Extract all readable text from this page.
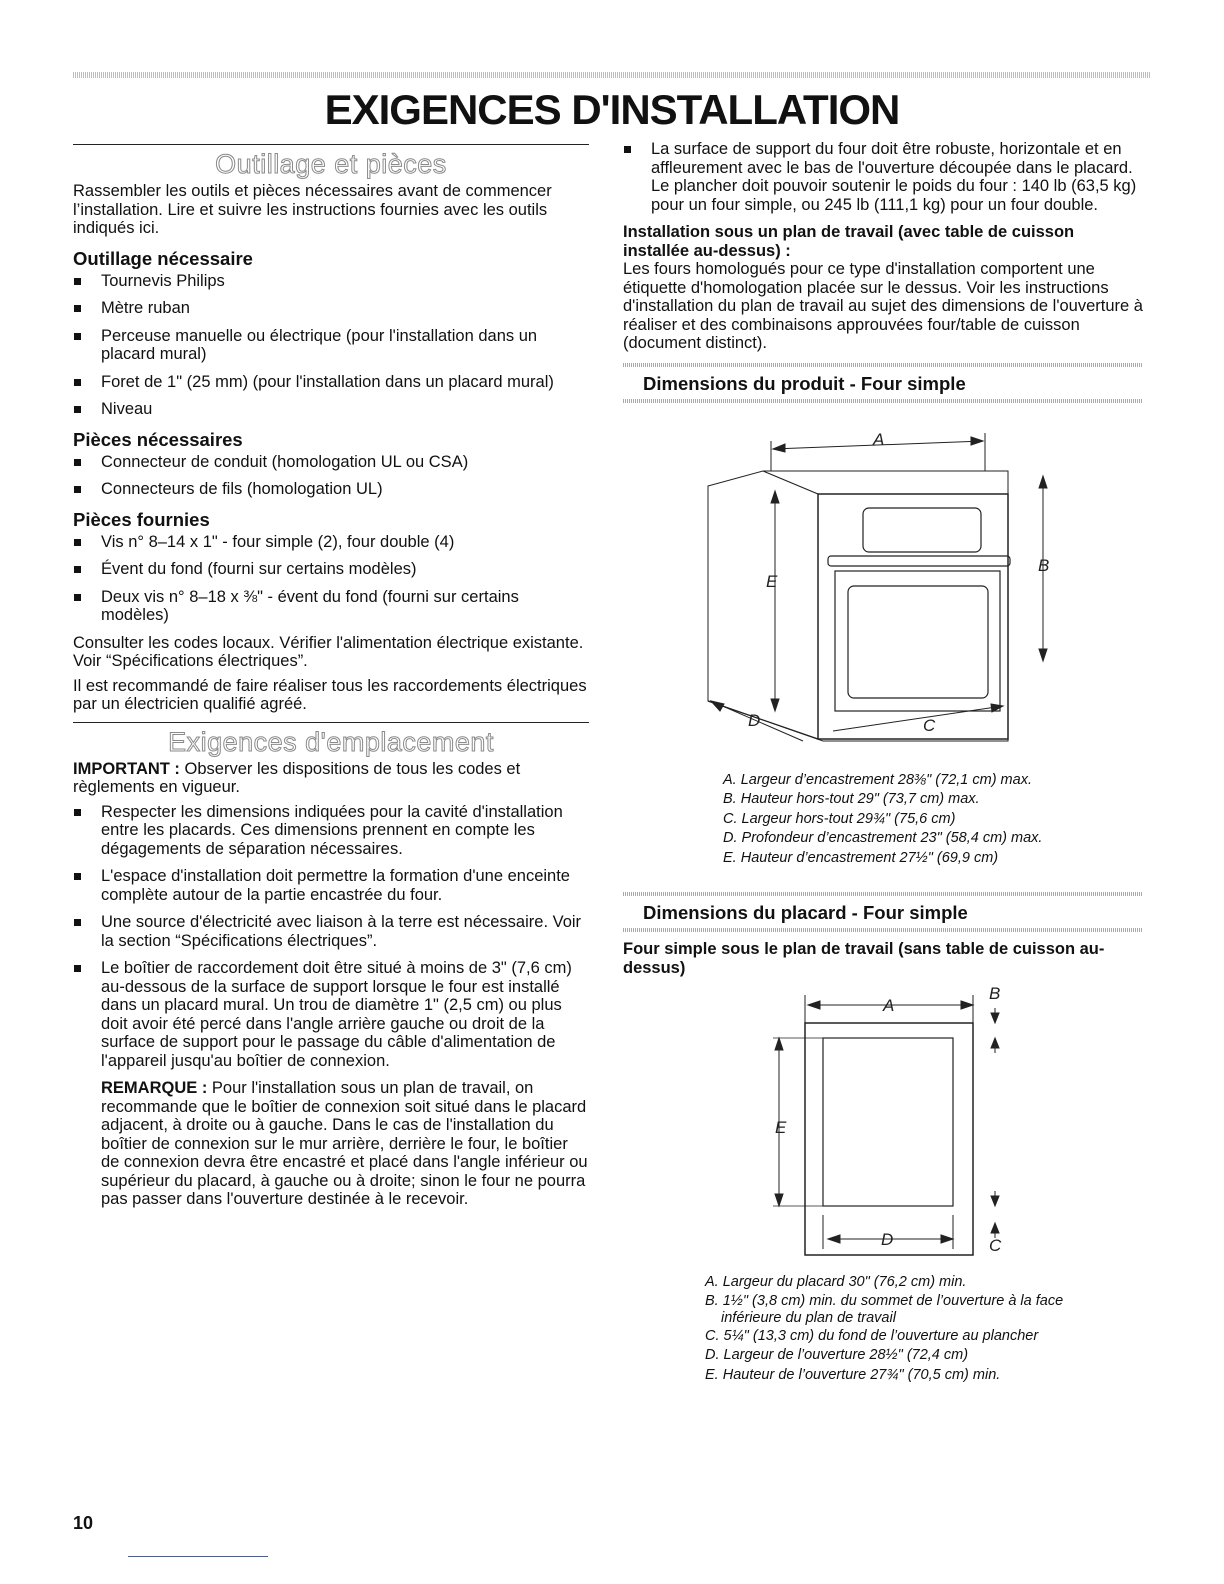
EXIGENCES D'INSTALLATION
Outillage et pièces

Rassembler les outils et pièces nécessaires avant de commencer l’installation. Lire et suivre les instructions fournies avec les outils indiqués ici.

Outillage nécessaire
Tournevis Philips
Mètre ruban
Perceuse manuelle ou électrique (pour l'installation dans un placard mural)
Foret de 1" (25 mm) (pour l'installation dans un placard mural)
Niveau
Pièces nécessaires
Connecteur de conduit (homologation UL ou CSA)
Connecteurs de fils (homologation UL)
Pièces fournies
Vis n° 8–14 x 1" - four simple (2), four double (4)
Évent du fond (fourni sur certains modèles)
Deux vis n° 8–18 x ⅜" - évent du fond (fourni sur certains modèles)

Consulter les codes locaux. Vérifier l'alimentation électrique existante. Voir “Spécifications électriques”.

Il est recommandé de faire réaliser tous les raccordements électriques par un électricien qualifié agréé.

Exigences d'emplacement

IMPORTANT : Observer les dispositions de tous les codes et règlements en vigueur.

Respecter les dimensions indiquées pour la cavité d'installation entre les placards. Ces dimensions prennent en compte les dégagements de séparation nécessaires.
L'espace d'installation doit permettre la formation d'une enceinte complète autour de la partie encastrée du four.
Une source d'électricité avec liaison à la terre est nécessaire. Voir la section “Spécifications électriques”.
Le boîtier de raccordement doit être situé à moins de 3" (7,6 cm) au-dessous de la surface de support lorsque le four est installé dans un placard mural. Un trou de diamètre 1" (2,5 cm) ou plus doit avoir été percé dans l'angle arrière gauche ou droit de la surface de support pour le passage du câble d'alimentation de l'appareil jusqu'au boîtier de connexion.

REMARQUE : Pour l'installation sous un plan de travail, on recommande que le boîtier de connexion soit situé dans le placard adjacent, à droite ou à gauche. Dans le cas de l'installation du boîtier de connexion sur le mur arrière, derrière le four, le boîtier de connexion devra être encastré et placé dans l'angle inférieur ou supérieur du placard, à gauche ou à droite; sinon le four ne pourra pas passer dans l'ouverture destinée à le recevoir.

La surface de support du four doit être robuste, horizontale et en affleurement avec le bas de l'ouverture découpée dans le placard. Le plancher doit pouvoir soutenir le poids du four : 140 lb (63,5 kg) pour un four simple, ou 245 lb (111,1 kg) pour un four double.

Installation sous un plan de travail (avec table de cuisson installée au-dessus) :

Les fours homologués pour ce type d'installation comportent une étiquette d'homologation placée sur le dessus. Voir les instructions d'installation du plan de travail au sujet des dimensions de l'ouverture à réaliser et des combinaisons approuvées four/table de cuisson (document distinct).

Dimensions du produit - Four simple
A
B
C
D
E

A. Largeur d’encastrement 28⅜" (72,1 cm) max.

B. Hauteur hors-tout 29" (73,7 cm) max.

C. Largeur hors-tout 29¾" (75,6 cm)

D. Profondeur d’encastrement 23" (58,4 cm) max.

E. Hauteur d’encastrement 27½" (69,9 cm)

Dimensions du placard - Four simple

Four simple sous le plan de travail (sans table de cuisson au-dessus)

A
B
C
D
E

A. Largeur du placard 30" (76,2 cm) min.

B. 1½" (3,8 cm) min. du sommet de l’ouverture à la face inférieure du plan de travail

C. 5¼" (13,3 cm) du fond de l’ouverture au plancher

D. Largeur de l’ouverture 28½" (72,4 cm)

E. Hauteur de l’ouverture 27¾" (70,5 cm) min.

10
